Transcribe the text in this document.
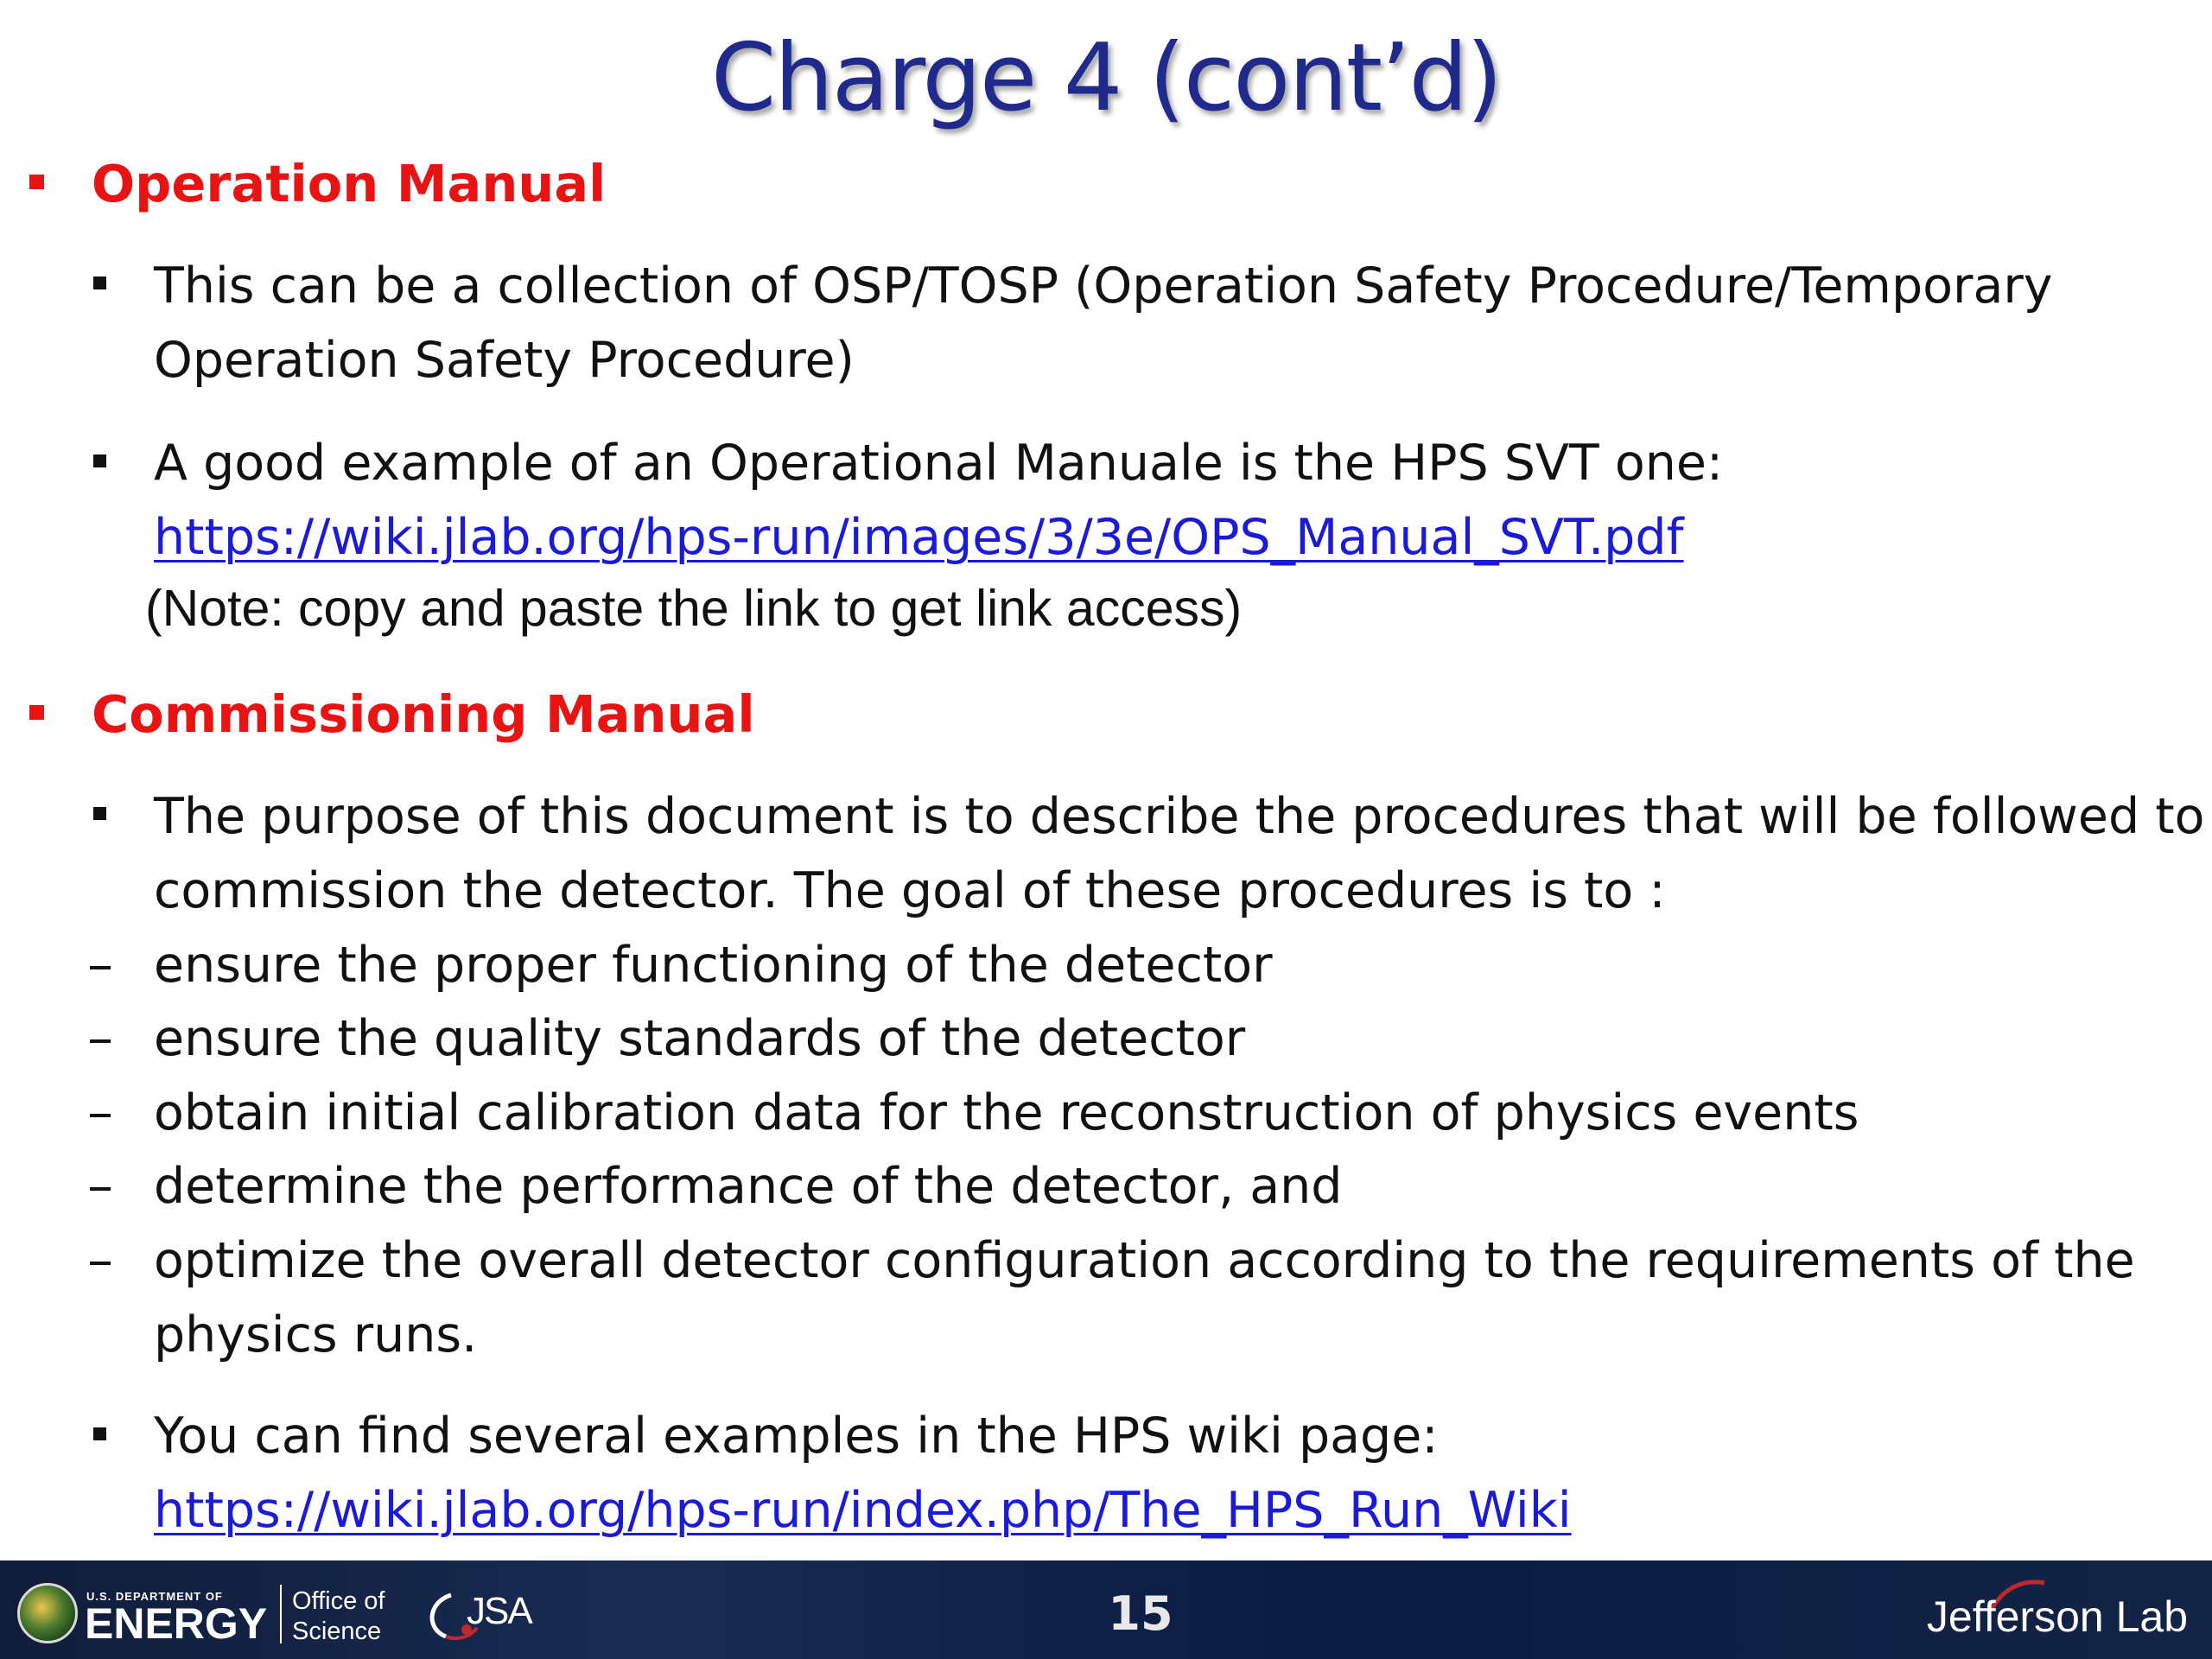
Charge 4 (cont’d)
Operation Manual
This can be a collection of OSP/TOSP (Operation Safety Procedure/Temporary
Operation Safety Procedure)
A good example of an Operational Manuale is the HPS SVT one:
https://wiki.jlab.org/hps-run/images/3/3e/OPS_Manual_SVT.pdf
(Note: copy and paste the link to get link access)
Commissioning Manual
The purpose of this document is to describe the procedures that will be followed to
commission the detector. The goal of these procedures is to :
ensure the proper functioning of the detector
ensure the quality standards of the detector
obtain initial calibration data for the reconstruction of physics events
determine the performance of the detector, and
optimize the overall detector configuration according to the requirements of the
physics runs.
You can find several examples in the HPS wiki page:
https://wiki.jlab.org/hps-run/index.php/The_HPS_Run_Wiki
U.S. DEPARTMENT OF
ENERGY Office of
Science JSA	15	Jefferson Lab
